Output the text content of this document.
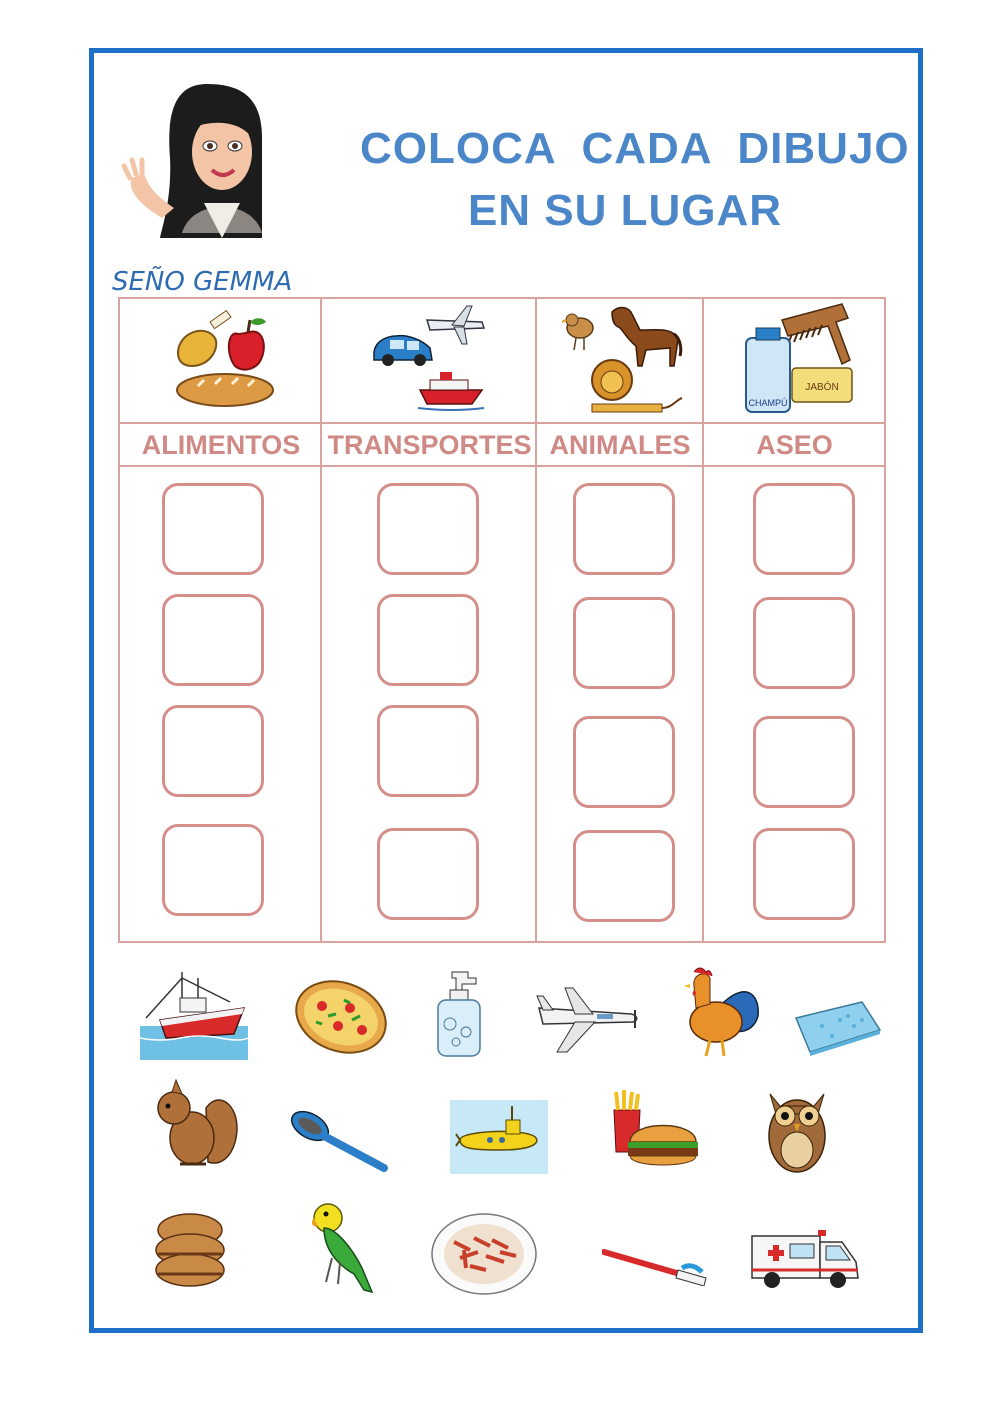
SEÑO GEMMA
COLOCA  CADA  DIBUJO
EN SU LUGAR
CHAMPÚ
JABÓN
ALIMENTOS	TRANSPORTES ANIMALES	ASEO
